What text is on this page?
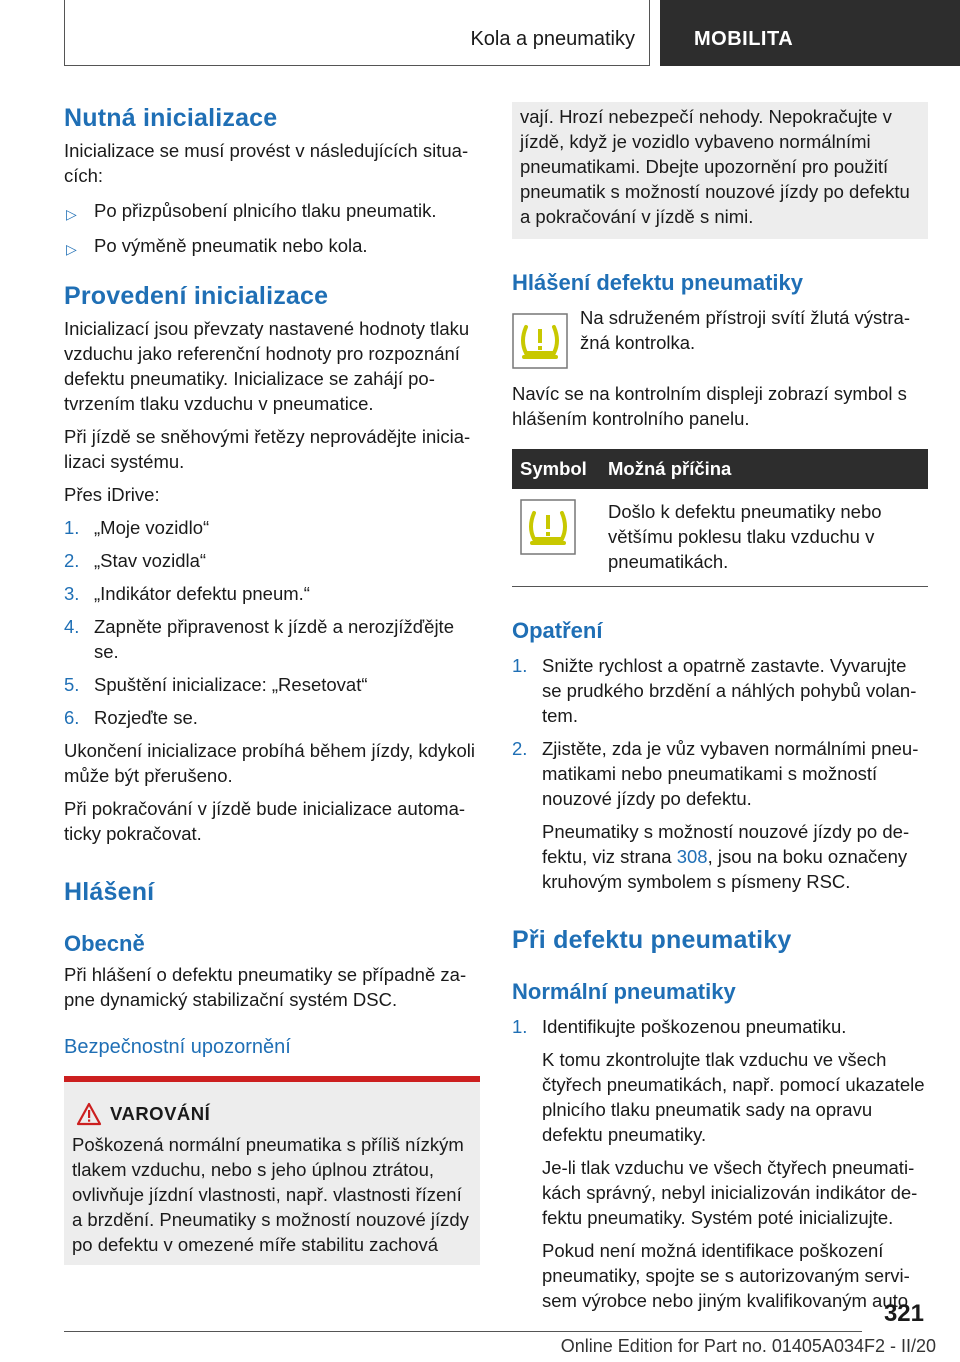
Kola a pneumatiky	MOBILITA
Nutná inicializace

Inicializace se musí provést v následujících situacích:

▷ Po přizpůsobení plnicího tlaku pneumatik.
▷ Po výměně pneumatik nebo kola.
Provedení inicializace

Inicializací jsou převzaty nastavené hodnoty tlaku vzduchu jako referenční hodnoty pro rozpoznání defektu pneumatiky. Inicializace se zahájí potvrzením tlaku vzduchu v pneumatice.

Při jízdě se sněhovými řetězy neprovádějte inicializaci systému.

Přes iDrive:

1. „Moje vozidlo“
2. „Stav vozidla“
3. „Indikátor defektu pneum.“
4. Zapněte připravenost k jízdě a nerozjížďějte se.
5. Spuštění inicializace: „Resetovat“
6. Rozjeďte se.

Ukončení inicializace probíhá během jízdy, kdykoli může být přerušeno.

Při pokračování v jízdě bude inicializace automaticky pokračovat.

Hlášení
Obecně

Při hlášení o defektu pneumatiky se případně zapne dynamický stabilizační systém DSC.

Bezpečnostní upozornění
VAROVÁNÍ
Poškozená normální pneumatika s příliš nízkým tlakem vzduchu, nebo s jeho úplnou ztrátou, ovlivňuje jízdní vlastnosti, např. vlastnosti řízení a brzdění. Pneumatiky s možností nouzové jízdy po defektu v omezené míře stabilitu zachová
vají. Hrozí nebezpečí nehody. Nepokračujte v jízdě, když je vozidlo vybaveno normálními pneumatikami. Dbejte upozornění pro použití pneumatik s možností nouzové jízdy po defektu a pokračování v jízdě s nimi.
Hlášení defektu pneumatiky

Na sdruženém přístroji svítí žlutá výstražná kontrolka.

Navíc se na kontrolním displeji zobrazí symbol s hlášením kontrolního panelu.

Symbol	Možná příčina
	Došlo k defektu pneumatiky nebo většímu poklesu tlaku vzduchu v pneumatikách.
Opatření
1. Snižte rychlost a opatrně zastavte. Vyvarujte se prudkého brzdění a náhlých pohybů volantem.
2. Zjistěte, zda je vůz vybaven normálními pneumatikami nebo pneumatikami s možností nouzové jízdy po defektu.
Pneumatiky s možností nouzové jízdy po defektu, viz strana 308, jsou na boku označeny kruhovým symbolem s písmeny RSC.
Při defektu pneumatiky
Normální pneumatiky
1. Identifikujte poškozenou pneumatiku.
K tomu zkontrolujte tlak vzduchu ve všech čtyřech pneumatikách, např. pomocí ukazatele plnicího tlaku pneumatik sady na opravu defektu pneumatiky.
Je-li tlak vzduchu ve všech čtyřech pneumatikách správný, nebyl inicializován indikátor defektu pneumatiky. Systém poté inicializujte.
Pokud není možná identifikace poškození pneumatiky, spojte se s autorizovaným servisem výrobce nebo jiným kvalifikovaným auto
321
Online Edition for Part no. 01405A034F2 - II/20
